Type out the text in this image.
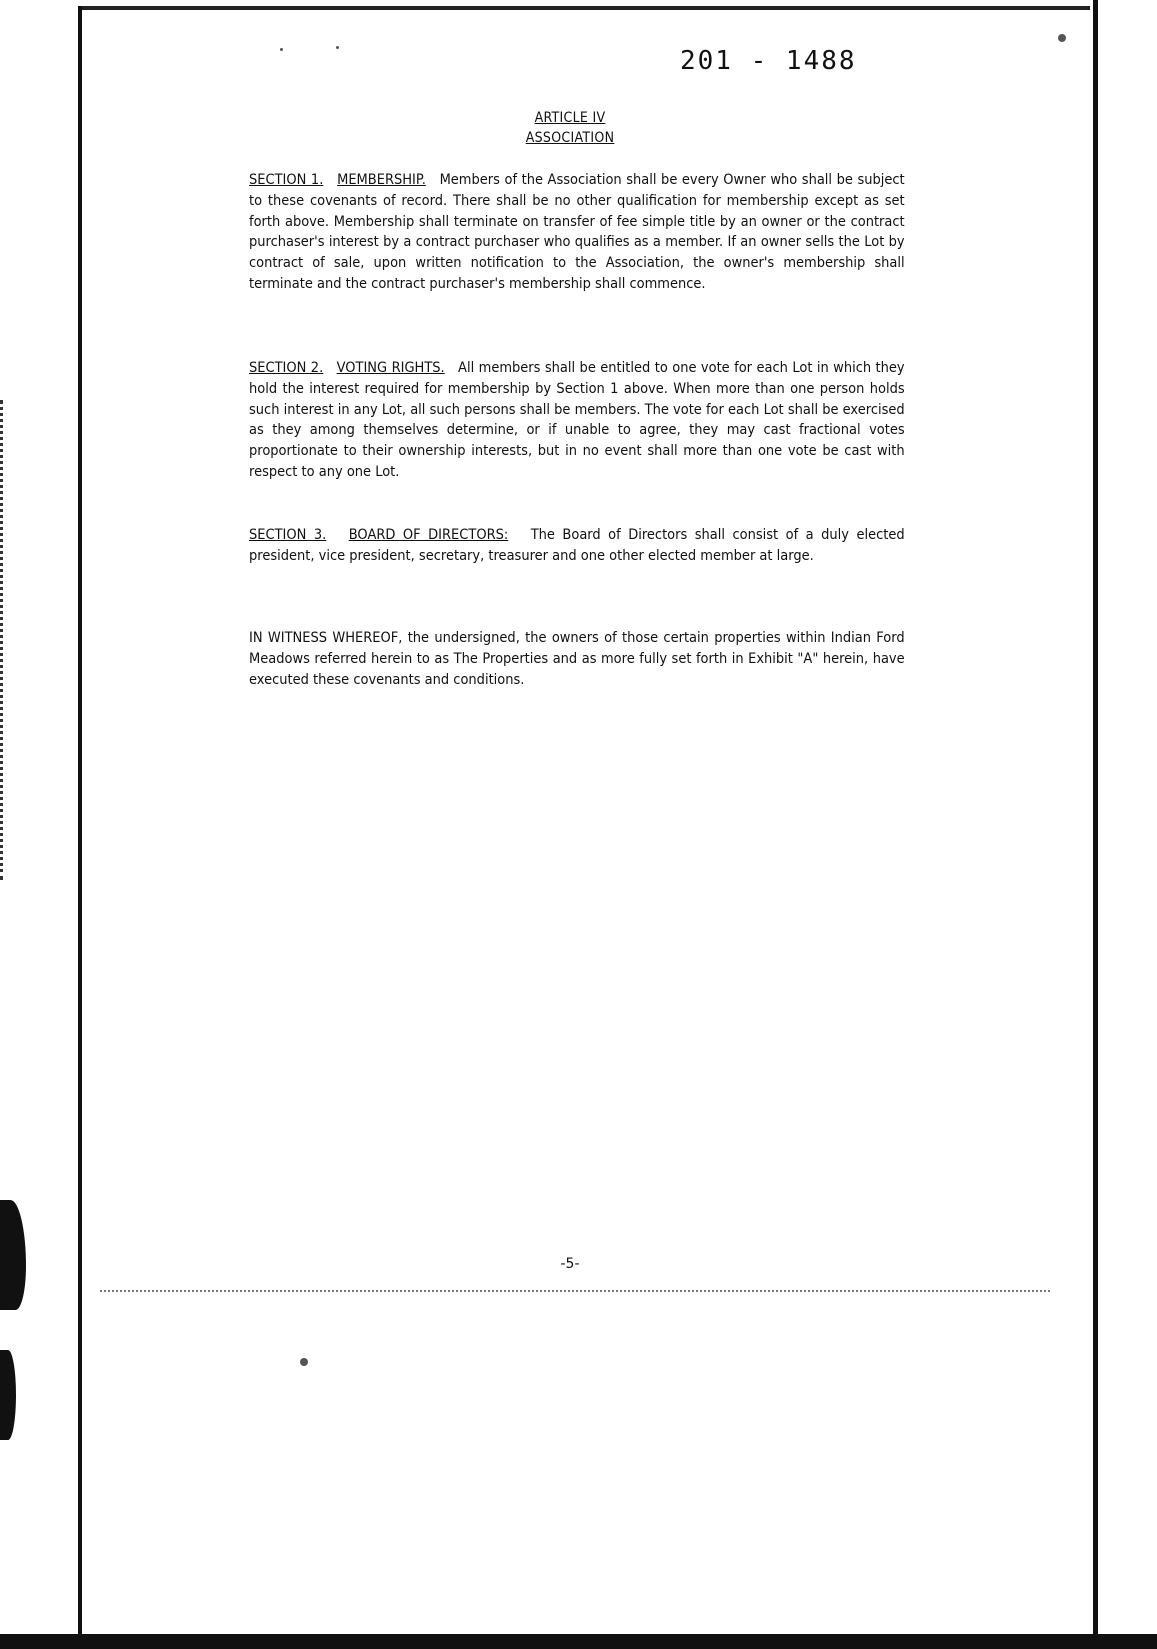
201 - 1488
ARTICLE IV
ASSOCIATION
SECTION 1. MEMBERSHIP. Members of the Association shall be every Owner who shall be subject to these covenants of record. There shall be no other qualification for membership except as set forth above. Membership shall terminate on transfer of fee simple title by an owner or the contract purchaser's interest by a contract purchaser who qualifies as a member. If an owner sells the Lot by contract of sale, upon written notification to the Association, the owner's membership shall terminate and the contract purchaser's membership shall commence.
SECTION 2. VOTING RIGHTS. All members shall be entitled to one vote for each Lot in which they hold the interest required for membership by Section 1 above. When more than one person holds such interest in any Lot, all such persons shall be members. The vote for each Lot shall be exercised as they among themselves determine, or if unable to agree, they may cast fractional votes proportionate to their ownership interests, but in no event shall more than one vote be cast with respect to any one Lot.
SECTION 3. BOARD OF DIRECTORS: The Board of Directors shall consist of a duly elected president, vice president, secretary, treasurer and one other elected member at large.
IN WITNESS WHEREOF, the undersigned, the owners of those certain properties within Indian Ford Meadows referred herein to as The Properties and as more fully set forth in Exhibit "A" herein, have executed these covenants and conditions.
-5-
